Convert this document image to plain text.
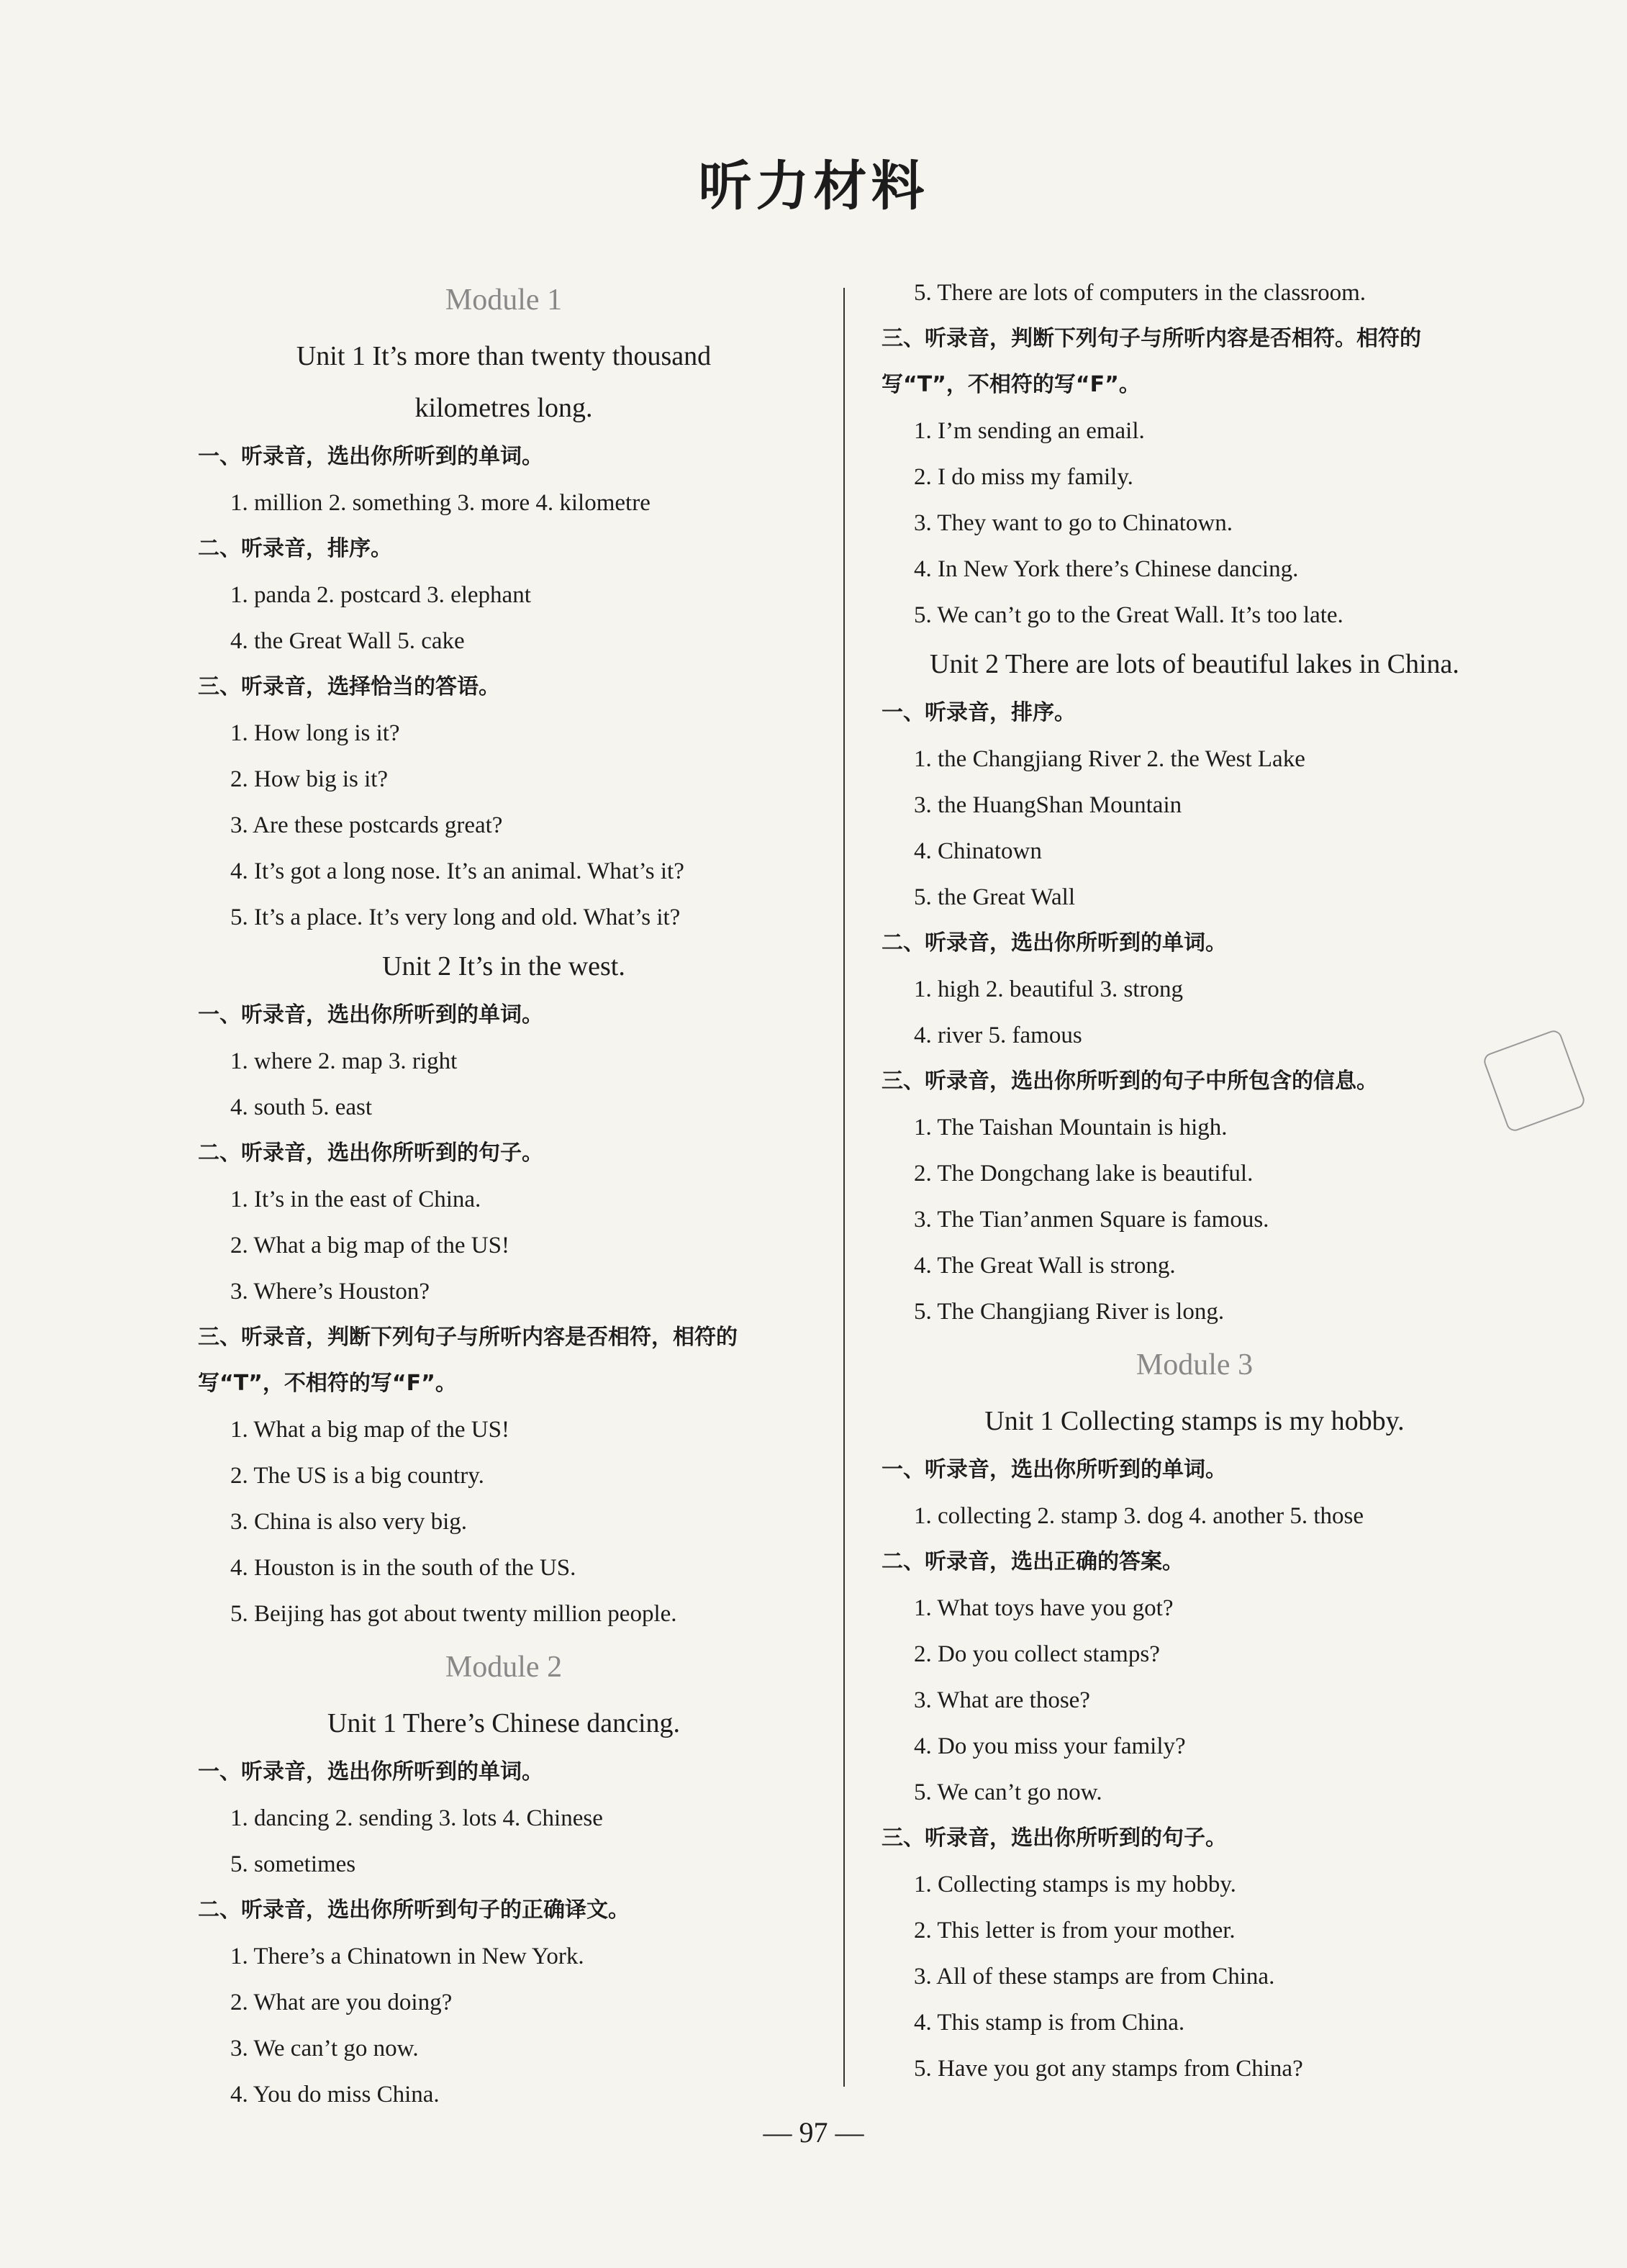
听力材料
Module 1
Unit 1 It’s more than twenty thousand
kilometres long.
一、听录音，选出你所听到的单词。
1. million 2. something 3. more 4. kilometre
二、听录音，排序。
1. panda 2. postcard 3. elephant
4. the Great Wall 5. cake
三、听录音，选择恰当的答语。
1. How long is it?
2. How big is it?
3. Are these postcards great?
4. It’s got a long nose. It’s an animal. What’s it?
5. It’s a place. It’s very long and old. What’s it?
Unit 2 It’s in the west.
一、听录音，选出你所听到的单词。
1. where 2. map 3. right
4. south 5. east
二、听录音，选出你所听到的句子。
1. It’s in the east of China.
2. What a big map of the US!
3. Where’s Houston?
三、听录音，判断下列句子与所听内容是否相符，相符的
写“T”，不相符的写“F”。
1. What a big map of the US!
2. The US is a big country.
3. China is also very big.
4. Houston is in the south of the US.
5. Beijing has got about twenty million people.
Module 2
Unit 1 There’s Chinese dancing.
一、听录音，选出你所听到的单词。
1. dancing 2. sending 3. lots 4. Chinese
5. sometimes
二、听录音，选出你所听到句子的正确译文。
1. There’s a Chinatown in New York.
2. What are you doing?
3. We can’t go now.
4. You do miss China.
5. There are lots of computers in the classroom.
三、听录音，判断下列句子与所听内容是否相符。相符的
写“T”，不相符的写“F”。
1. I’m sending an email.
2. I do miss my family.
3. They want to go to Chinatown.
4. In New York there’s Chinese dancing.
5. We can’t go to the Great Wall. It’s too late.
Unit 2 There are lots of beautiful lakes in China.
一、听录音，排序。
1. the Changjiang River 2. the West Lake
3. the HuangShan Mountain
4. Chinatown
5. the Great Wall
二、听录音，选出你所听到的单词。
1. high 2. beautiful 3. strong
4. river 5. famous
三、听录音，选出你所听到的句子中所包含的信息。
1. The Taishan Mountain is high.
2. The Dongchang lake is beautiful.
3. The Tian’anmen Square is famous.
4. The Great Wall is strong.
5. The Changjiang River is long.
Module 3
Unit 1 Collecting stamps is my hobby.
一、听录音，选出你所听到的单词。
1. collecting 2. stamp 3. dog 4. another 5. those
二、听录音，选出正确的答案。
1. What toys have you got?
2. Do you collect stamps?
3. What are those?
4. Do you miss your family?
5. We can’t go now.
三、听录音，选出你所听到的句子。
1. Collecting stamps is my hobby.
2. This letter is from your mother.
3. All of these stamps are from China.
4. This stamp is from China.
5. Have you got any stamps from China?
— 97 —
